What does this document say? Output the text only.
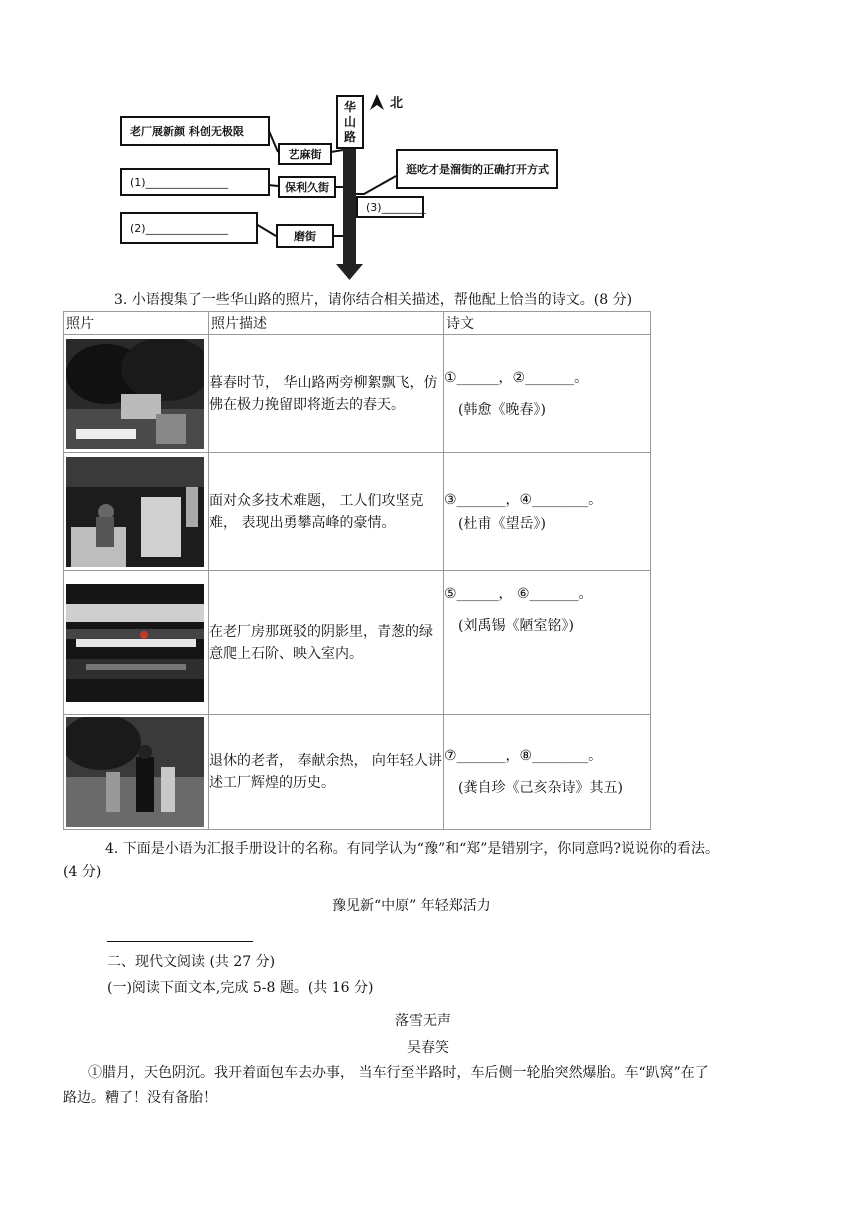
华
山
路
北
老厂展新颜 科创无极限
艺麻街
(1)_______________	保利久街
(2)_______________
磨街
逛吃才是溜街的正确打开方式
(3)________
3. 小语搜集了一些华山路的照片，请你结合相关描述，帮他配上恰当的诗文。(8 分)
照片	照片描述	诗文

	暮春时节， 华山路两旁柳絮飘飞，仿佛在极力挽留即将逝去的春天。	①______，②_______。
(韩愈《晚春》)

	面对众多技术难题， 工人们攻坚克难， 表现出勇攀高峰的豪情。	③_______，④________。
(杜甫《望岳》)

	在老厂房那斑驳的阴影里，青葱的绿意爬上石阶、映入室内。	⑤______， ⑥_______。
(刘禹锡《陋室铭》)

	退休的老者， 奉献余热， 向年轻人讲述工厂辉煌的历史。	⑦_______，⑧________。
(龚自珍《己亥杂诗》其五)
4. 下面是小语为汇报手册设计的名称。有同学认为“豫”和“郑”是错别字，你同意吗?说说你的看法。
(4 分)
豫见新“中原” 年轻郑活力
二、现代文阅读 (共 27 分)
(一)阅读下面文本,完成 5-8 题。(共 16 分)
落雪无声
吴春笑
①腊月，天色阴沉。我开着面包车去办事， 当车行至半路时，车后侧一轮胎突然爆胎。车“趴窝”在了
路边。糟了！没有备胎！
